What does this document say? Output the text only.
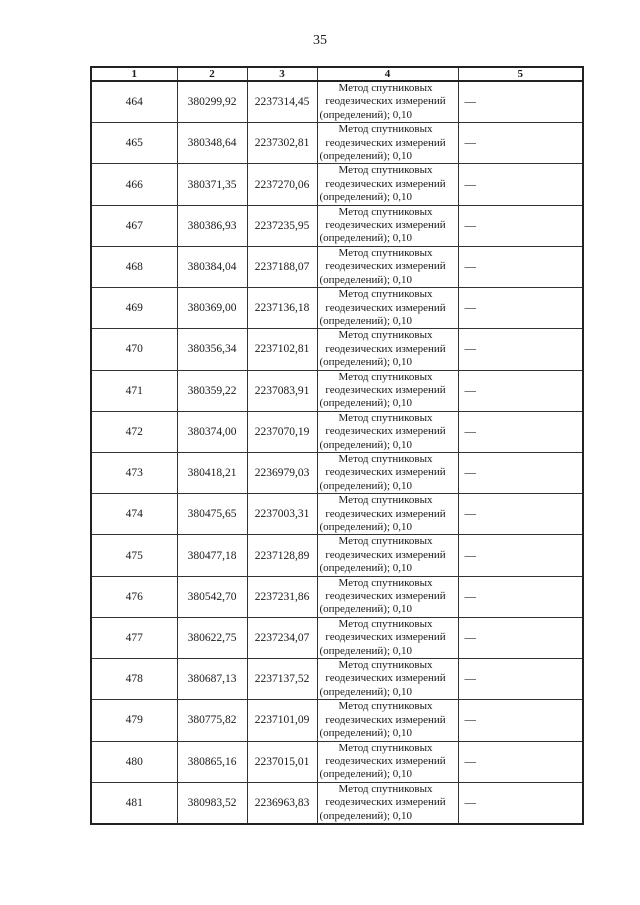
35
1	2	3	4	5
464	380299,92	2237314,45	Метод спутниковых
геодезических измерений
(определений); 0,10	—
465	380348,64	2237302,81	Метод спутниковых
геодезических измерений
(определений); 0,10	—
466	380371,35	2237270,06	Метод спутниковых
геодезических измерений
(определений); 0,10	—
467	380386,93	2237235,95	Метод спутниковых
геодезических измерений
(определений); 0,10	—
468	380384,04	2237188,07	Метод спутниковых
геодезических измерений
(определений); 0,10	—
469	380369,00	2237136,18	Метод спутниковых
геодезических измерений
(определений); 0,10	—
470	380356,34	2237102,81	Метод спутниковых
геодезических измерений
(определений); 0,10	—
471	380359,22	2237083,91	Метод спутниковых
геодезических измерений
(определений); 0,10	—
472	380374,00	2237070,19	Метод спутниковых
геодезических измерений
(определений); 0,10	—
473	380418,21	2236979,03	Метод спутниковых
геодезических измерений
(определений); 0,10	—
474	380475,65	2237003,31	Метод спутниковых
геодезических измерений
(определений); 0,10	—
475	380477,18	2237128,89	Метод спутниковых
геодезических измерений
(определений); 0,10	—
476	380542,70	2237231,86	Метод спутниковых
геодезических измерений
(определений); 0,10	—
477	380622,75	2237234,07	Метод спутниковых
геодезических измерений
(определений); 0,10	—
478	380687,13	2237137,52	Метод спутниковых
геодезических измерений
(определений); 0,10	—
479	380775,82	2237101,09	Метод спутниковых
геодезических измерений
(определений); 0,10	—
480	380865,16	2237015,01	Метод спутниковых
геодезических измерений
(определений); 0,10	—
481	380983,52	2236963,83	Метод спутниковых
геодезических измерений
(определений); 0,10	—
